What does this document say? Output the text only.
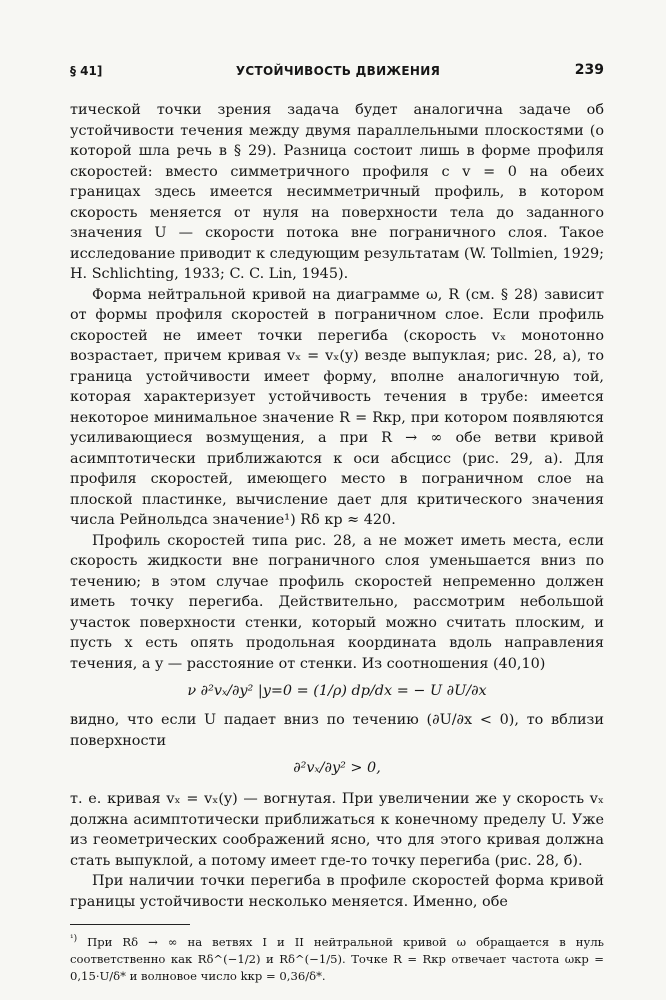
§ 41]	УСТОЙЧИВОСТЬ ДВИЖЕНИЯ	239

тической точки зрения задача будет аналогична задаче об устойчивости течения между двумя параллельными плоскостями (о которой шла речь в § 29). Разница состоит лишь в форме профиля скоростей: вместо симметричного профиля с v = 0 на обеих границах здесь имеется несимметричный профиль, в котором скорость меняется от нуля на поверхности тела до заданного значения U — скорости потока вне пограничного слоя. Такое исследование приводит к следующим результатам (W. Tollmien, 1929; H. Schlichting, 1933; C. C. Lin, 1945).

Форма нейтральной кривой на диаграмме ω, R (см. § 28) зависит от формы профиля скоростей в пограничном слое. Если профиль скоростей не имеет точки перегиба (скорость vₓ монотонно возрастает, причем кривая vₓ = vₓ(y) везде выпуклая; рис. 28, а), то граница устойчивости имеет форму, вполне аналогичную той, которая характеризует устойчивость течения в трубе: имеется некоторое минимальное значение R = Rкр, при котором появляются усиливающиеся возмущения, а при R → ∞ обе ветви кривой асимптотически приближаются к оси абсцисс (рис. 29, а). Для профиля скоростей, имеющего место в пограничном слое на плоской пластинке, вычисление дает для критического значения числа Рейнольдса значение¹) Rδ кр ≈ 420.

Профиль скоростей типа рис. 28, а не может иметь места, если скорость жидкости вне пограничного слоя уменьшается вниз по течению; в этом случае профиль скоростей непременно должен иметь точку перегиба. Действительно, рассмотрим небольшой участок поверхности стенки, который можно считать плоским, и пусть x есть опять продольная координата вдоль направления течения, а y — расстояние от стенки. Из соотношения (40,10)

ν ∂²vₓ/∂y² |y=0 = (1/ρ) dp/dx = − U ∂U/∂x

видно, что если U падает вниз по течению (∂U/∂x < 0), то вблизи поверхности

∂²vₓ/∂y² > 0,

т. е. кривая vₓ = vₓ(y) — вогнутая. При увеличении же y скорость vₓ должна асимптотически приближаться к конечному пределу U. Уже из геометрических соображений ясно, что для этого кривая должна стать выпуклой, а потому имеет где-то точку перегиба (рис. 28, б).

При наличии точки перегиба в профиле скоростей форма кривой границы устойчивости несколько меняется. Именно, обе

$^{^1)}$ При Rδ → ∞ на ветвях I и II нейтральной кривой ω обращается в нуль соответственно как Rδ^(−1/2) и Rδ^(−1/5). Точке R = Rкр отвечает частота ωкр = 0,15·U/δ* и волновое число kкр = 0,36/δ*.
